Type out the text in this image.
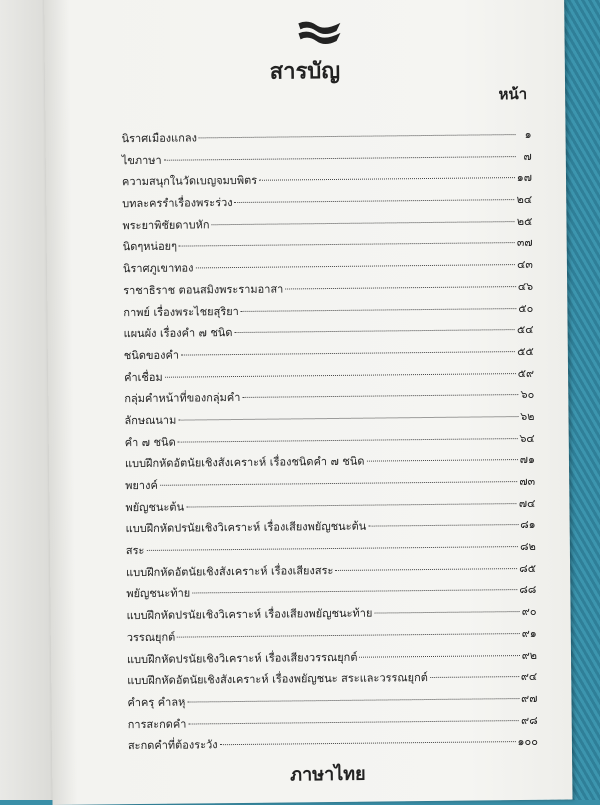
สารบัญ
หน้า
นิราศเมืองแกลง	๑
ไขภาษา	๗
ความสนุกในวัดเบญจมบพิตร	๑๗
บทละครรำเรื่องพระร่วง	๒๔
พระยาพิชัยดาบหัก	๒๕
นิดๆหน่อยๆ	๓๗
นิราศภูเขาทอง	๔๓
ราชาธิราช ตอนสมิงพระรามอาสา	๔๖
กาพย์ เรื่องพระไชยสุริยา	๕๐
แผนผัง เรื่องคำ ๗ ชนิด	๕๔
ชนิดของคำ	๕๕
คำเชื่อม	๕๙
กลุ่มคำหน้าที่ของกลุ่มคำ	๖๐
ลักษณนาม	๖๒
คำ ๗ ชนิด	๖๔
แบบฝึกหัดอัตนัยเชิงสังเคราะห์ เรื่องชนิดคำ ๗ ชนิด	๗๑
พยางค์	๗๓
พยัญชนะต้น	๗๔
แบบฝึกหัดปรนัยเชิงวิเคราะห์ เรื่องเสียงพยัญชนะต้น	๘๑
สระ	๘๒
แบบฝึกหัดอัตนัยเชิงสังเคราะห์ เรื่องเสียงสระ	๘๕
พยัญชนะท้าย	๘๘
แบบฝึกหัดปรนัยเชิงวิเคราะห์ เรื่องเสียงพยัญชนะท้าย	๙๐
วรรณยุกต์	๙๑
แบบฝึกหัดปรนัยเชิงวิเคราะห์ เรื่องเสียงวรรณยุกต์	๙๒
แบบฝึกหัดอัตนัยเชิงสังเคราะห์ เรื่องพยัญชนะ สระและวรรณยุกต์	๙๔
คำครุ คำลหุ	๙๗
การสะกดคำ	๙๘
สะกดคำที่ต้องระวัง	๑๐๐
ภาษาไทย
